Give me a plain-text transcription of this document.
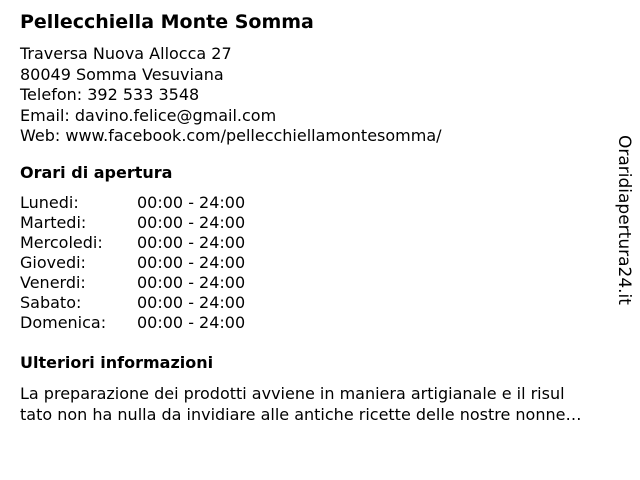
Pellecchiella Monte Somma
Traversa Nuova Allocca 27
80049 Somma Vesuviana
Telefon: 392 533 3548
Email: davino.felice@gmail.com
Web: www.facebook.com/pellecchiellamontesomma/
Orari di apertura
Lunedi:	00:00 - 24:00
Martedi:	00:00 - 24:00
Mercoledi:	00:00 - 24:00
Giovedi:	00:00 - 24:00
Venerdi:	00:00 - 24:00
Sabato:	00:00 - 24:00
Domenica:	00:00 - 24:00
Ulteriori informazioni
La preparazione dei prodotti avviene in maniera artigianale e il risul
tato non ha nulla da invidiare alle antiche ricette delle nostre nonne…
Oraridiapertura24.it
